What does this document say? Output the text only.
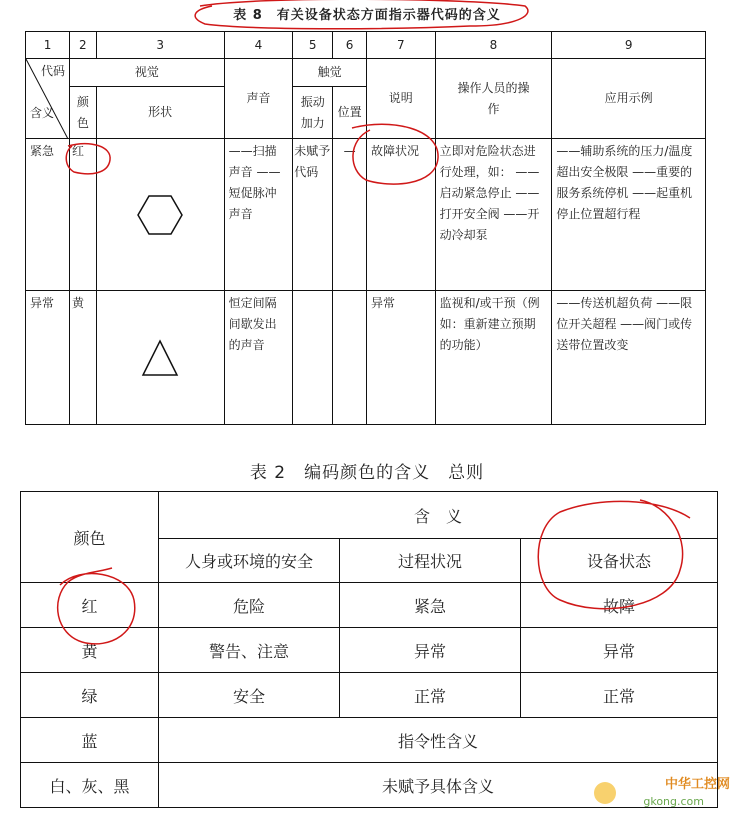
表 8　有关设备状态方面指示器代码的含义
1	2	3	4	5	6	7	8	9

代码
含义	视觉		声音	触觉		说明	操作人员的操作	应用示例
	颜色	形状		振动加力	位置			
紧急	红		——扫描声音 ——短促脉冲声音	未赋予代码	—	故障状况	立即对危险状态进行处理，如： ——启动紧急停止 ——打开安全阀 ——开动冷却泵	——辅助系统的压力/温度超出安全极限 ——重要的服务系统停机 ——起重机停止位置超行程
异常	黄		恒定间隔间歇发出的声音			异常	监视和/或干预（例如：重新建立预期的功能）	——传送机超负荷 ——限位开关超程 ——阀门或传送带位置改变
表 2　编码颜色的含义　总则
颜色	含　义		
	人身或环境的安全	过程状况	设备状态
红	危险	紧急	故障
黄	警告、注意	异常	异常
绿	安全	正常	正常
蓝	指令性含义		
白、灰、黑	未赋予具体含义			中华工控网
gkong.com
